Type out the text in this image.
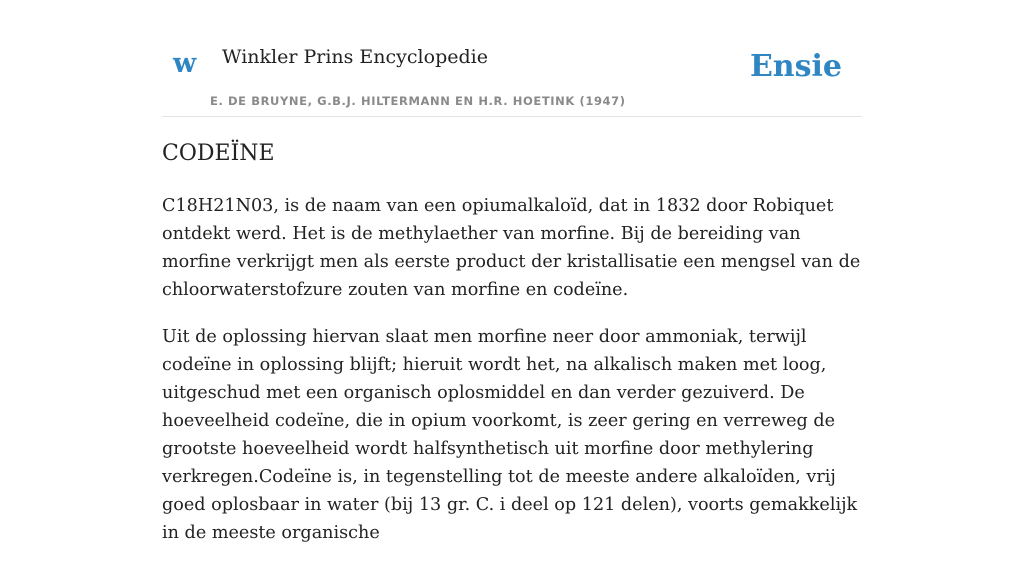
w Winkler Prins Encyclopedie
E. DE BRUYNE, G.B.J. HILTERMANN EN H.R. HOETINK (1947)
Ensie
CODEÏNE

C18H21N03, is de naam van een opiumalkaloïd, dat in 1832 door Robiquet ontdekt werd. Het is de methylaether van morfine. Bij de bereiding van morfine verkrijgt men als eerste product der kristallisatie een mengsel van de chloorwaterstofzure zouten van morfine en codeïne.

Uit de oplossing hiervan slaat men morfine neer door ammoniak, terwijl codeïne in oplossing blijft; hieruit wordt het, na alkalisch maken met loog, uitgeschud met een organisch oplosmiddel en dan verder gezuiverd. De hoeveelheid codeïne, die in opium voorkomt, is zeer gering en verreweg de grootste hoeveelheid wordt halfsynthetisch uit morfine door methylering verkregen.Codeïne is, in tegenstelling tot de meeste andere alkaloïden, vrij goed oplosbaar in water (bij 13 gr. C. i deel op 121 delen), voorts gemakkelijk in de meeste organische
